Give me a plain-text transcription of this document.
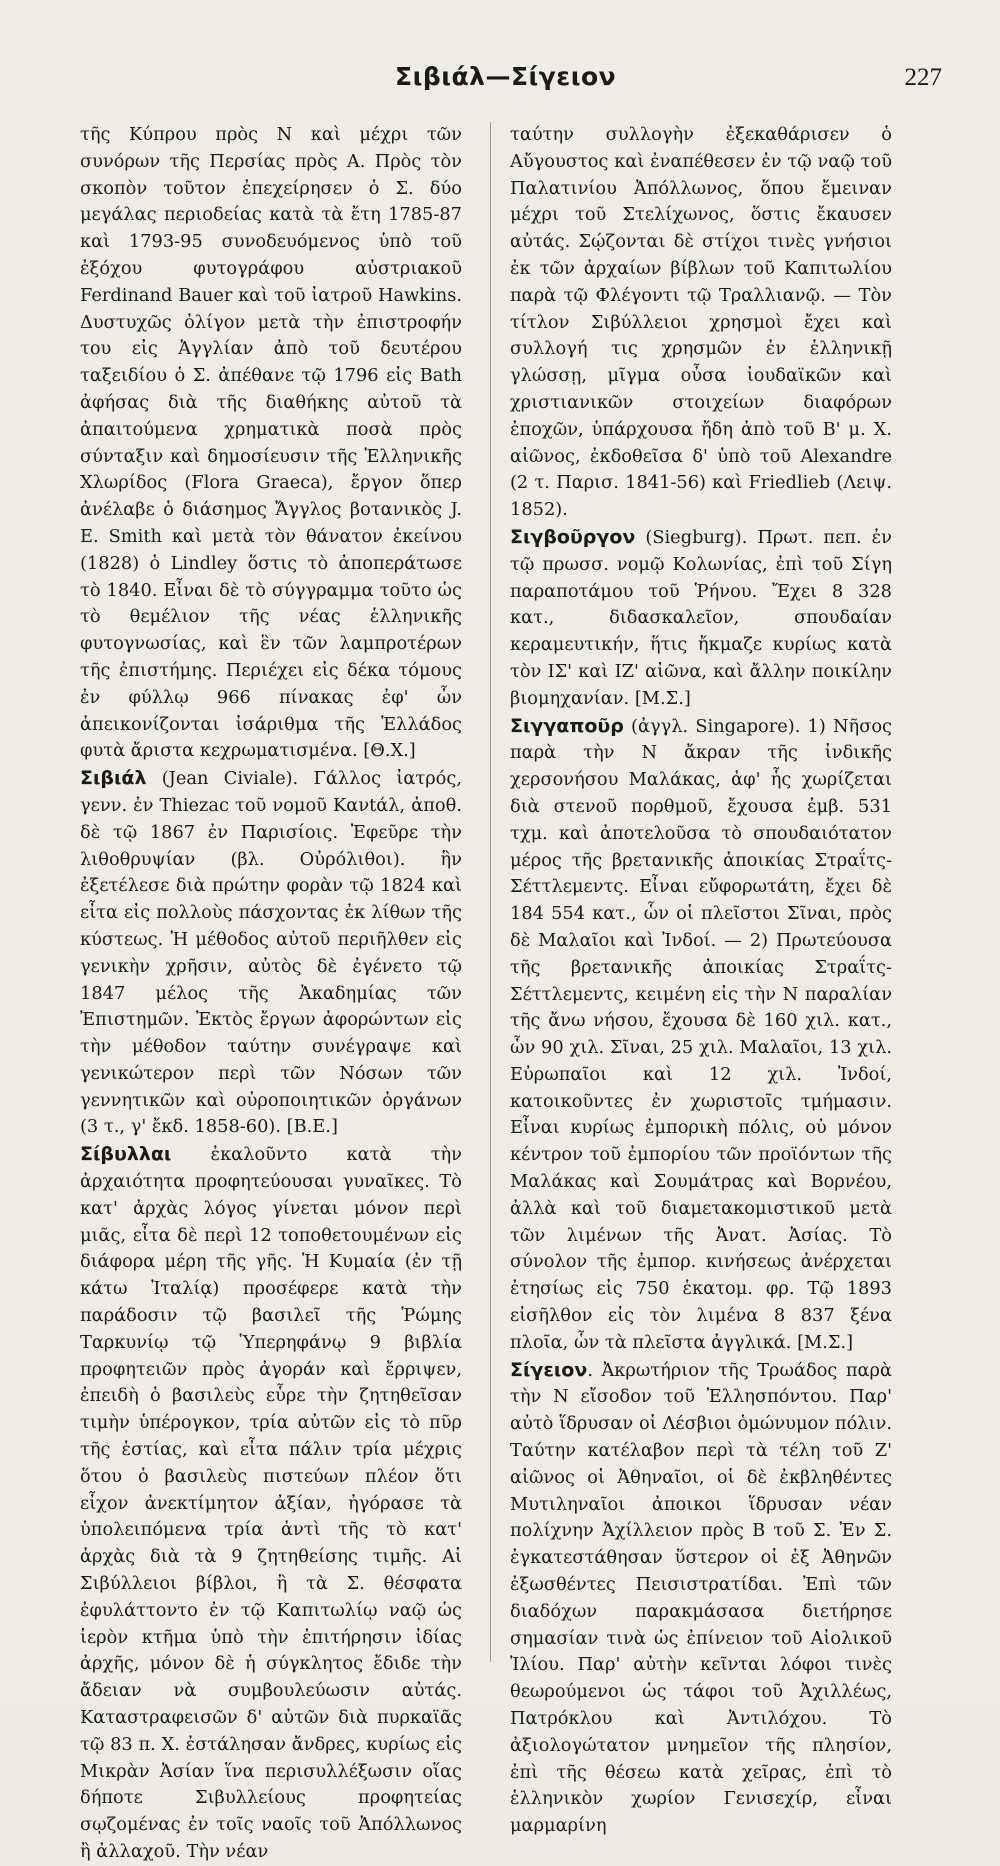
Σιβιάλ—Σίγειον	227

τῆς Κύπρου πρὸς Ν καὶ μέχρι τῶν συνόρων τῆς Περσίας πρὸς Α. Πρὸς τὸν σκοπὸν τοῦτον ἐπεχείρησεν ὁ Σ. δύο μεγάλας περιοδείας κατὰ τὰ ἔτη 1785-87 καὶ 1793-95 συνοδευόμενος ὑπὸ τοῦ ἐξόχου φυτογράφου αὐστριακοῦ Ferdinand Bauer καὶ τοῦ ἰατροῦ Hawkins. Δυστυχῶς ὀλίγον μετὰ τὴν ἐπιστροφήν του εἰς Ἀγγλίαν ἀπὸ τοῦ δευτέρου ταξειδίου ὁ Σ. ἀπέθανε τῷ 1796 εἰς Bath ἀφήσας διὰ τῆς διαθήκης αὐτοῦ τὰ ἀπαιτούμενα χρηματικὰ ποσὰ πρὸς σύνταξιν καὶ δημοσίευσιν τῆς Ἑλληνικῆς Χλωρίδος (Flora Graeca), ἔργον ὅπερ ἀνέλαβε ὁ διάσημος Ἄγγλος βοτανικὸς J. E. Smith καὶ μετὰ τὸν θάνατον ἐκείνου (1828) ὁ Lindley ὅστις τὸ ἀποπεράτωσε τὸ 1840. Εἶναι δὲ τὸ σύγγραμμα τοῦτο ὡς τὸ θεμέλιον τῆς νέας ἑλληνικῆς φυτογνωσίας, καὶ ἓν τῶν λαμπροτέρων τῆς ἐπιστήμης. Περιέχει εἰς δέκα τόμους ἐν φύλλῳ 966 πίνακας ἐφ' ὧν ἀπεικονίζονται ἰσάριθμα τῆς Ἑλλάδος φυτὰ ἄριστα κεχρωματισμένα. [Θ.Χ.]

Σιβιάλ (Jean Civiale). Γάλλος ἰατρός, γενν. ἐν Thiezac τοῦ νομοῦ Κανtάλ, ἀποθ. δὲ τῷ 1867 ἐν Παρισίοις. Ἐφεῦρε τὴν λιθοθρυψίαν (βλ. Οὐρόλιθοι). ἣν ἐξετέλεσε διὰ πρώτην φορὰν τῷ 1824 καὶ εἶτα εἰς πολλοὺς πάσχοντας ἐκ λίθων τῆς κύστεως. Ἡ μέθοδος αὐτοῦ περιῆλθεν εἰς γενικὴν χρῆσιν, αὐτὸς δὲ ἐγένετο τῷ 1847 μέλος τῆς Ἀκαδημίας τῶν Ἐπιστημῶν. Ἐκτὸς ἔργων ἀφορώντων εἰς τὴν μέθοδον ταύτην συνέγραψε καὶ γενικώτερον περὶ τῶν Νόσων τῶν γεννητικῶν καὶ οὐροποιητικῶν ὀργάνων (3 τ., γ' ἔκδ. 1858-60). [Β.Ε.]

Σίβυλλαι ἐκαλοῦντο κατὰ τὴν ἀρχαιότητα προφητεύουσαι γυναῖκες. Τὸ κατ' ἀρχὰς λόγος γίνεται μόνον περὶ μιᾶς, εἶτα δὲ περὶ 12 τοποθετουμένων εἰς διάφορα μέρη τῆς γῆς. Ἡ Κυμαία (ἐν τῇ κάτω Ἰταλίᾳ) προσέφερε κατὰ τὴν παράδοσιν τῷ βασιλεῖ τῆς Ῥώμης Ταρκυνίῳ τῷ Ὑπερηφάνῳ 9 βιβλία προφητειῶν πρὸς ἀγοράν καὶ ἔρριψεν, ἐπειδὴ ὁ βασιλεὺς εὗρε τὴν ζητηθεῖσαν τιμὴν ὑπέρογκον, τρία αὐτῶν εἰς τὸ πῦρ τῆς ἑστίας, καὶ εἶτα πάλιν τρία μέχρις ὅτου ὁ βασιλεὺς πιστεύων πλέον ὅτι εἶχον ἀνεκτίμητον ἀξίαν, ἠγόρασε τὰ ὑπολειπόμενα τρία ἀντὶ τῆς τὸ κατ' ἀρχὰς διὰ τὰ 9 ζητηθείσης τιμῆς. Αἱ Σιβύλλειοι βίβλοι, ἢ τὰ Σ. θέσφατα ἐφυλάττοντο ἐν τῷ Καπιτωλίῳ ναῷ ὡς ἱερὸν κτῆμα ὑπὸ τὴν ἐπιτήρησιν ἰδίας ἀρχῆς, μόνον δὲ ἡ σύγκλητος ἔδιδε τὴν ἄδειαν νὰ συμβουλεύωσιν αὐτάς. Καταστραφεισῶν δ' αὐτῶν διὰ πυρκαϊᾶς τῷ 83 π. Χ. ἐστάλησαν ἄνδρες, κυρίως εἰς Μικρὰν Ἀσίαν ἵνα περισυλλέξωσιν οἵας δήποτε Σιβυλλείους προφητείας σῳζομένας ἐν τοῖς ναοῖς τοῦ Ἀπόλλωνος ἢ ἀλλαχοῦ. Τὴν νέαν

ταύτην συλλογὴν ἐξεκαθάρισεν ὁ Αὔγουστος καὶ ἐναπέθεσεν ἐν τῷ ναῷ τοῦ Παλατινίου Ἀπόλλωνος, ὅπου ἔμειναν μέχρι τοῦ Στελίχωνος, ὅστις ἔκαυσεν αὐτάς. Σῴζονται δὲ στίχοι τινὲς γνήσιοι ἐκ τῶν ἀρχαίων βίβλων τοῦ Καπιτωλίου παρὰ τῷ Φλέγοντι τῷ Τραλλιανῷ. — Τὸν τίτλον Σιβύλλειοι χρησμοὶ ἔχει καὶ συλλογή τις χρησμῶν ἐν ἑλληνικῇ γλώσσῃ, μῖγμα οὖσα ἰουδαϊκῶν καὶ χριστιανικῶν στοιχείων διαφόρων ἐποχῶν, ὑπάρχουσα ἤδη ἀπὸ τοῦ Β' μ. Χ. αἰῶνος, ἐκδοθεῖσα δ' ὑπὸ τοῦ Alexandre (2 τ. Παρισ. 1841-56) καὶ Friedlieb (Λειψ. 1852).

Σιγβοῦργον (Siegburg). Πρωτ. πεπ. ἐν τῷ πρωσσ. νομῷ Κολωνίας, ἐπὶ τοῦ Σίγη παραποτάμου τοῦ Ῥήνου. Ἔχει 8 328 κατ., διδασκαλεῖον, σπουδαίαν κεραμευτικήν, ἥτις ἤκμαζε κυρίως κατὰ τὸν ΙΣ' καὶ ΙΖ' αἰῶνα, καὶ ἄλλην ποικίλην βιομηχανίαν. [Μ.Σ.]

Σιγγαποῦρ (ἀγγλ. Singapore). 1) Νῆσος παρὰ τὴν Ν ἄκραν τῆς ἰνδικῆς χερσονήσου Μαλάκας, ἀφ' ἧς χωρίζεται διὰ στενοῦ πορθμοῦ, ἔχουσα ἐμβ. 531 τχμ. καὶ ἀποτελοῦσα τὸ σπουδαιότατον μέρος τῆς βρετανικῆς ἀποικίας Στραΐτς-Σέττλεμεντς. Εἶναι εὔφορωτάτη, ἔχει δὲ 184 554 κατ., ὧν οἱ πλεῖστοι Σῖναι, πρὸς δὲ Μαλαῖοι καὶ Ἰνδοί. — 2) Πρωτεύουσα τῆς βρετανικῆς ἀποικίας Στραΐτς-Σέττλεμεντς, κειμένη εἰς τὴν Ν παραλίαν τῆς ἄνω νήσου, ἔχουσα δὲ 160 χιλ. κατ., ὧν 90 χιλ. Σῖναι, 25 χιλ. Μαλαῖοι, 13 χιλ. Εὐρωπαῖοι καὶ 12 χιλ. Ἰνδοί, κατοικοῦντες ἐν χωριστοῖς τμήμασιν. Εἶναι κυρίως ἐμπορικὴ πόλις, οὐ μόνον κέντρον τοῦ ἐμπορίου τῶν προϊόντων τῆς Μαλάκας καὶ Σουμάτρας καὶ Βορνέου, ἀλλὰ καὶ τοῦ διαμετακομιστικοῦ μετὰ τῶν λιμένων τῆς Ἀνατ. Ἀσίας. Τὸ σύνολον τῆς ἐμπορ. κινήσεως ἀνέρχεται ἐτησίως εἰς 750 ἑκατομ. φρ. Τῷ 1893 εἰσῆλθον εἰς τὸν λιμένα 8 837 ξένα πλοῖα, ὧν τὰ πλεῖστα ἀγγλικά. [Μ.Σ.]

Σίγειον. Ἀκρωτήριον τῆς Τρωάδος παρὰ τὴν Ν εἴσοδον τοῦ Ἑλλησπόντου. Παρ' αὐτὸ ἵδρυσαν οἱ Λέσβιοι ὁμώνυμον πόλιν. Ταύτην κατέλαβον περὶ τὰ τέλη τοῦ Ζ' αἰῶνος οἱ Ἀθηναῖοι, οἱ δὲ ἐκβληθέντες Μυτιληναῖοι ἀποικοι ἵδρυσαν νέαν πολίχνην Ἀχίλλειον πρὸς Β τοῦ Σ. Ἐν Σ. ἐγκατεστάθησαν ὕστερον οἱ ἐξ Ἀθηνῶν ἐξωσθέντες Πεισιστρατίδαι. Ἐπὶ τῶν διαδόχων παρακμάσασα διετήρησε σημασίαν τινὰ ὡς ἐπίνειον τοῦ Αἰολικοῦ Ἰλίου. Παρ' αὐτὴν κεῖνται λόφοι τινὲς θεωρούμενοι ὡς τάφοι τοῦ Ἀχιλλέως, Πατρόκλου καὶ Ἀντιλόχου. Τὸ ἀξιολογώτατον μνημεῖον τῆς πλησίον, ἐπὶ τῆς θέσεω κατὰ χεῖρας, ἐπὶ τὸ ἑλληνικὸν χωρίον Γενισεχίρ, εἶναι μαρμαρίνη
